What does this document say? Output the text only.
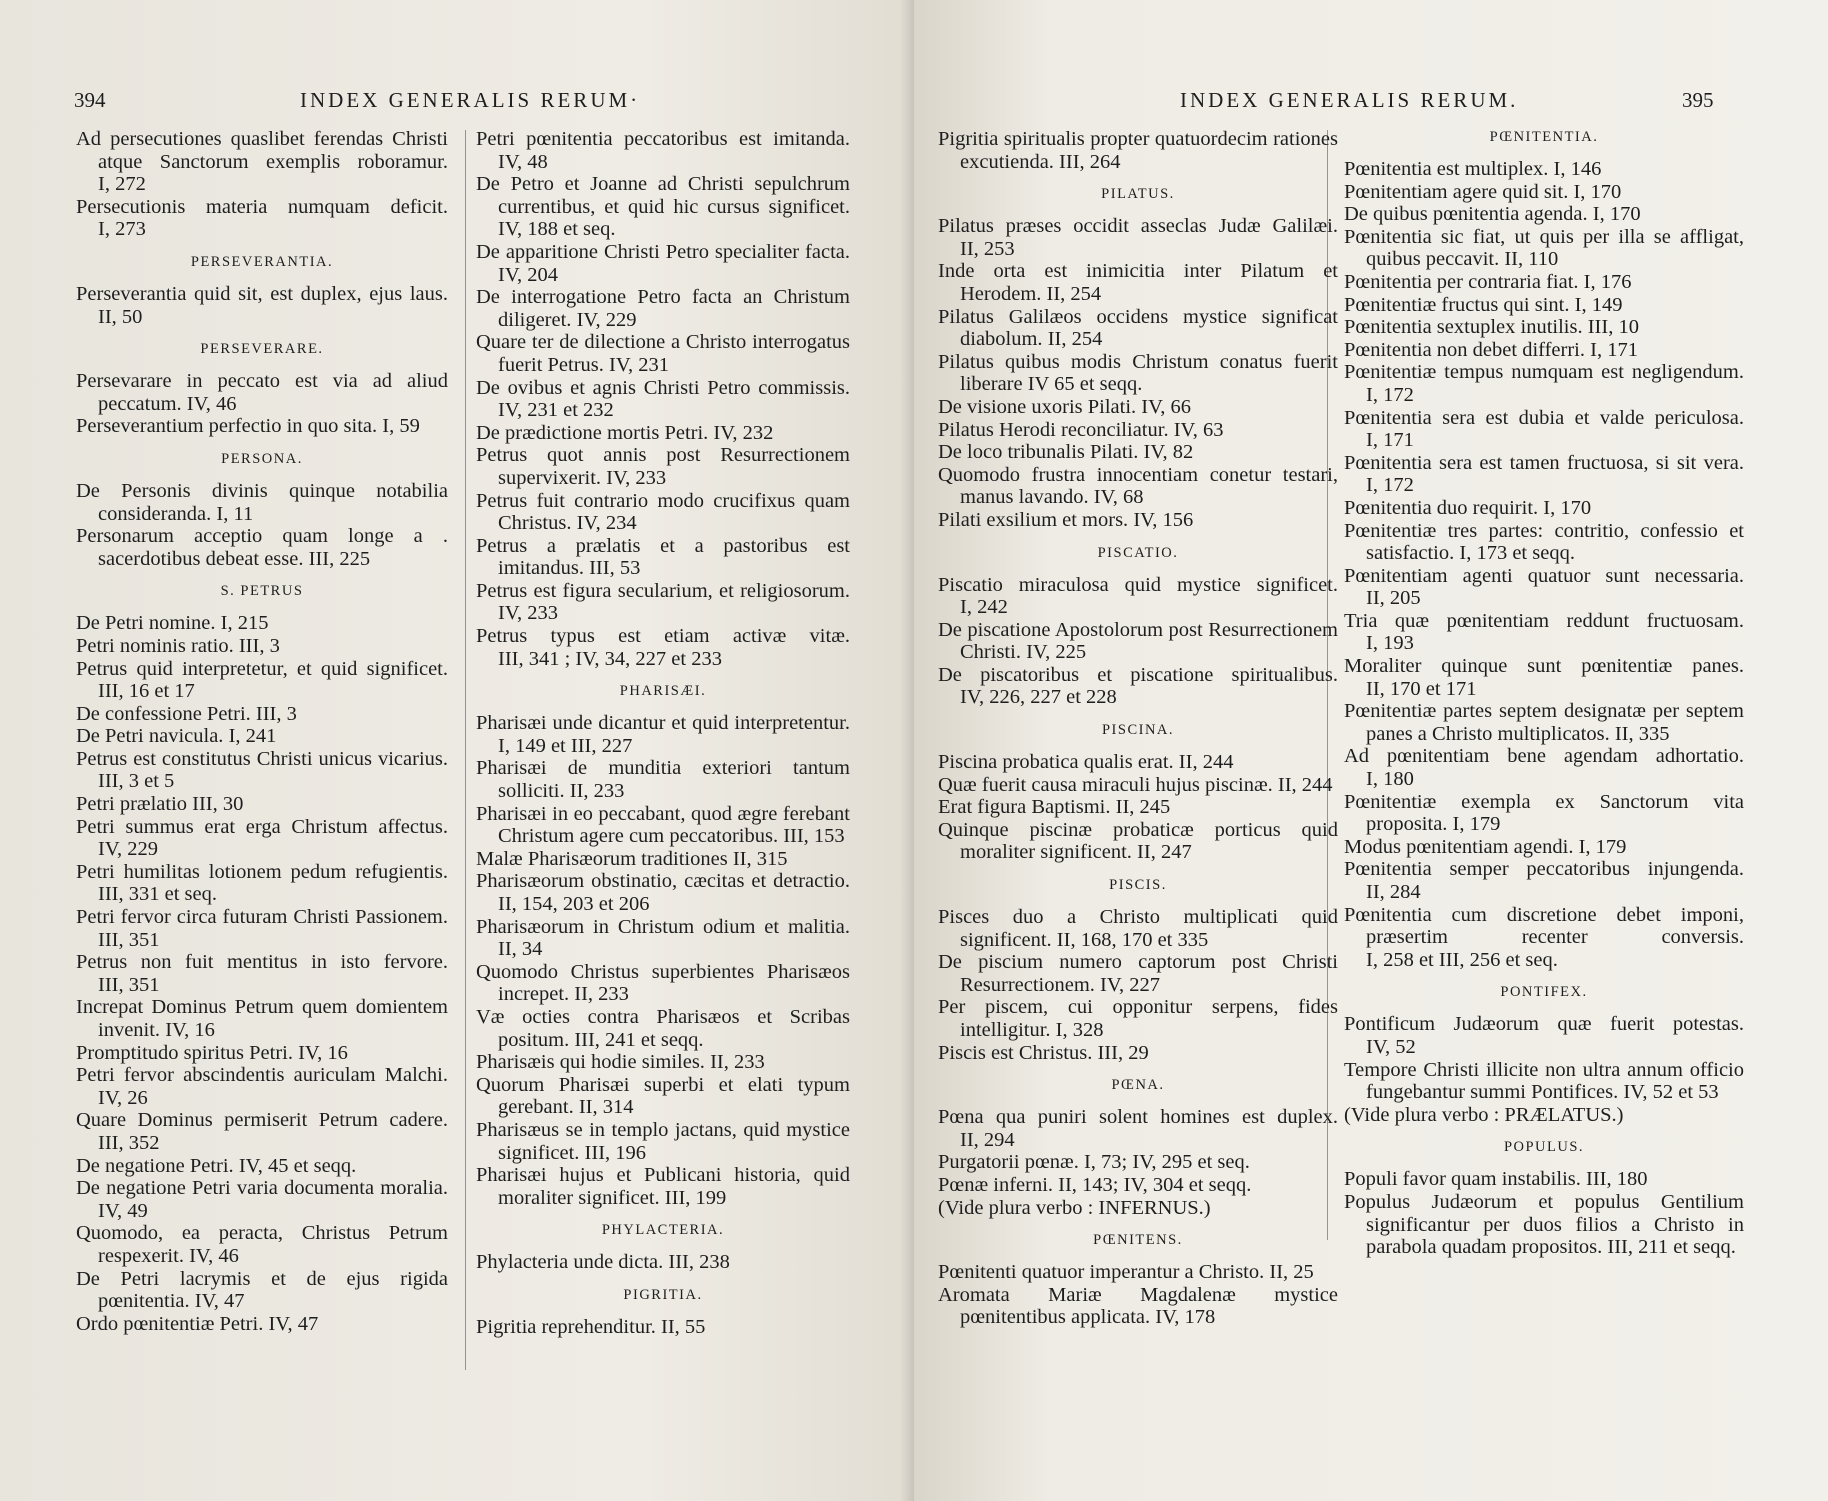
394	INDEX GENERALIS RERUM·

Ad persecutiones quaslibet ferendas Christi atque Sanctorum exemplis roboramur. I, 272

Persecutionis materia numquam deficit. I, 273

PERSEVERANTIA.

Perseverantia quid sit, est duplex, ejus laus. II, 50

PERSEVERARE.

Persevarare in peccato est via ad aliud peccatum. IV, 46

Perseverantium perfectio in quo sita. I, 59

PERSONA.

De Personis divinis quinque notabilia consideranda. I, 11

Personarum acceptio quam longe a . sacerdotibus debeat esse. III, 225

S. PETRUS

De Petri nomine. I, 215

Petri nominis ratio. III, 3

Petrus quid interpretetur, et quid significet. III, 16 et 17

De confessione Petri. III, 3

De Petri navicula. I, 241

Petrus est constitutus Christi unicus vicarius. III, 3 et 5

Petri prælatio III, 30

Petri summus erat erga Christum affectus. IV, 229

Petri humilitas lotionem pedum refugientis. III, 331 et seq.

Petri fervor circa futuram Christi Passionem. III, 351

Petrus non fuit mentitus in isto fervore. III, 351

Increpat Dominus Petrum quem domientem invenit. IV, 16

Promptitudo spiritus Petri. IV, 16

Petri fervor abscindentis auriculam Malchi. IV, 26

Quare Dominus permiserit Petrum cadere. III, 352

De negatione Petri. IV, 45 et seqq.

De negatione Petri varia documenta moralia. IV, 49

Quomodo, ea peracta, Christus Petrum respexerit. IV, 46

De Petri lacrymis et de ejus rigida pœnitentia. IV, 47

Ordo pœnitentiæ Petri. IV, 47

Petri pœnitentia peccatoribus est imitanda. IV, 48

De Petro et Joanne ad Christi sepulchrum currentibus, et quid hic cursus significet. IV, 188 et seq.

De apparitione Christi Petro specialiter facta. IV, 204

De interrogatione Petro facta an Christum diligeret. IV, 229

Quare ter de dilectione a Christo interrogatus fuerit Petrus. IV, 231

De ovibus et agnis Christi Petro commissis. IV, 231 et 232

De prædictione mortis Petri. IV, 232

Petrus quot annis post Resurrectionem supervixerit. IV, 233

Petrus fuit contrario modo crucifixus quam Christus. IV, 234

Petrus a prælatis et a pastoribus est imitandus. III, 53

Petrus est figura secularium, et religiosorum. IV, 233

Petrus typus est etiam activæ vitæ. III, 341 ; IV, 34, 227 et 233

PHARISÆI.

Pharisæi unde dicantur et quid interpretentur. I, 149 et III, 227

Pharisæi de munditia exteriori tantum solliciti. II, 233

Pharisæi in eo peccabant, quod ægre ferebant Christum agere cum peccatoribus. III, 153

Malæ Pharisæorum traditiones II, 315

Pharisæorum obstinatio, cæcitas et detractio. II, 154, 203 et 206

Pharisæorum in Christum odium et malitia. II, 34

Quomodo Christus superbientes Pharisæos increpet. II, 233

Væ octies contra Pharisæos et Scribas positum. III, 241 et seqq.

Pharisæis qui hodie similes. II, 233

Quorum Pharisæi superbi et elati typum gerebant. II, 314

Pharisæus se in templo jactans, quid mystice significet. III, 196

Pharisæi hujus et Publicani historia, quid moraliter significet. III, 199

PHYLACTERIA.

Phylacteria unde dicta. III, 238

PIGRITIA.

Pigritia reprehenditur. II, 55

INDEX GENERALIS RERUM.	395

Pigritia spiritualis propter quatuordecim rationes excutienda. III, 264

PILATUS.

Pilatus præses occidit asseclas Judæ Galilæi. II, 253

Inde orta est inimicitia inter Pilatum et Herodem. II, 254

Pilatus Galilæos occidens mystice significat diabolum. II, 254

Pilatus quibus modis Christum conatus fuerit liberare IV 65 et seqq.

De visione uxoris Pilati. IV, 66

Pilatus Herodi reconciliatur. IV, 63

De loco tribunalis Pilati. IV, 82

Quomodo frustra innocentiam conetur testari, manus lavando. IV, 68

Pilati exsilium et mors. IV, 156

PISCATIO.

Piscatio miraculosa quid mystice significet. I, 242

De piscatione Apostolorum post Resurrectionem Christi. IV, 225

De piscatoribus et piscatione spiritualibus. IV, 226, 227 et 228

PISCINA.

Piscina probatica qualis erat. II, 244

Quæ fuerit causa miraculi hujus piscinæ. II, 244

Erat figura Baptismi. II, 245

Quinque piscinæ probaticæ porticus quid moraliter significent. II, 247

PISCIS.

Pisces duo a Christo multiplicati quid significent. II, 168, 170 et 335

De piscium numero captorum post Christi Resurrectionem. IV, 227

Per piscem, cui opponitur serpens, fides intelligitur. I, 328

Piscis est Christus. III, 29

PŒNA.

Pœna qua puniri solent homines est duplex. II, 294

Purgatorii pœnæ. I, 73; IV, 295 et seq.

Pœnæ inferni. II, 143; IV, 304 et seqq.

(Vide plura verbo : INFERNUS.)

PŒNITENS.

Pœnitenti quatuor imperantur a Christo. II, 25

Aromata Mariæ Magdalenæ mystice pœnitentibus applicata. IV, 178

PŒNITENTIA.

Pœnitentia est multiplex. I, 146

Pœnitentiam agere quid sit. I, 170

De quibus pœnitentia agenda. I, 170

Pœnitentia sic fiat, ut quis per illa se affligat, quibus peccavit. II, 110

Pœnitentia per contraria fiat. I, 176

Pœnitentiæ fructus qui sint. I, 149

Pœnitentia sextuplex inutilis. III, 10

Pœnitentia non debet differri. I, 171

Pœnitentiæ tempus numquam est negligendum. I, 172

Pœnitentia sera est dubia et valde periculosa. I, 171

Pœnitentia sera est tamen fructuosa, si sit vera. I, 172

Pœnitentia duo requirit. I, 170

Pœnitentiæ tres partes: contritio, confessio et satisfactio. I, 173 et seqq.

Pœnitentiam agenti quatuor sunt necessaria. II, 205

Tria quæ pœnitentiam reddunt fructuosam. I, 193

Moraliter quinque sunt pœnitentiæ panes. II, 170 et 171

Pœnitentiæ partes septem designatæ per septem panes a Christo multiplicatos. II, 335

Ad pœnitentiam bene agendam adhortatio. I, 180

Pœnitentiæ exempla ex Sanctorum vita proposita. I, 179

Modus pœnitentiam agendi. I, 179

Pœnitentia semper peccatoribus injungenda. II, 284

Pœnitentia cum discretione debet imponi, præsertim recenter conversis. I, 258 et III, 256 et seq.

PONTIFEX.

Pontificum Judæorum quæ fuerit potestas. IV, 52

Tempore Christi illicite non ultra annum officio fungebantur summi Pontifices. IV, 52 et 53

(Vide plura verbo : PRÆLATUS.)

POPULUS.

Populi favor quam instabilis. III, 180

Populus Judæorum et populus Gentilium significantur per duos filios a Christo in parabola quadam propositos. III, 211 et seqq.
